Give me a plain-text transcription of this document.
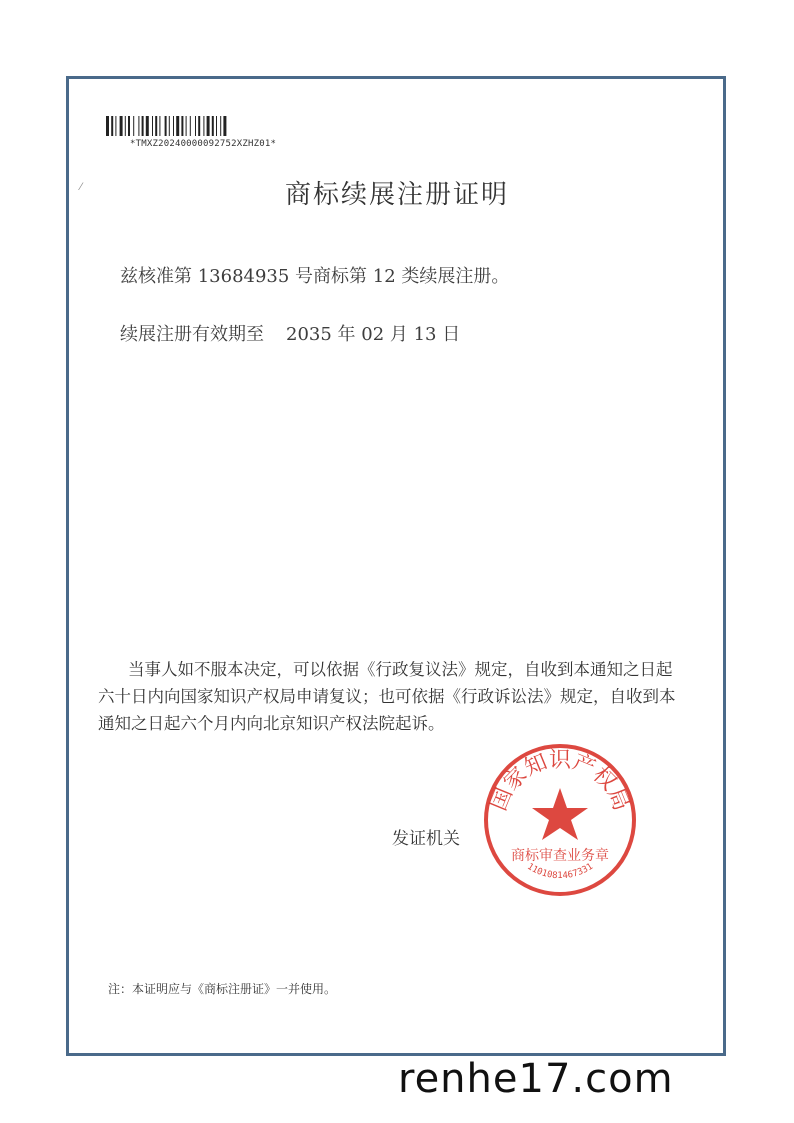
⁄
*TMXZ20240000092752XZHZ01*
商标续展注册证明
兹核准第 13684935 号商标第 12 类续展注册。
续展注册有效期至 2035 年 02 月 13 日
当事人如不服本决定，可以依据《行政复议法》规定，自收到本通知之日起
六十日内向国家知识产权局申请复议；也可依据《行政诉讼法》规定，自收到本
通知之日起六个月内向北京知识产权法院起诉。
发证机关
国家知识产权局
商标审查业务章
1101081467331
注：本证明应与《商标注册证》一并使用。
renhe17.com
